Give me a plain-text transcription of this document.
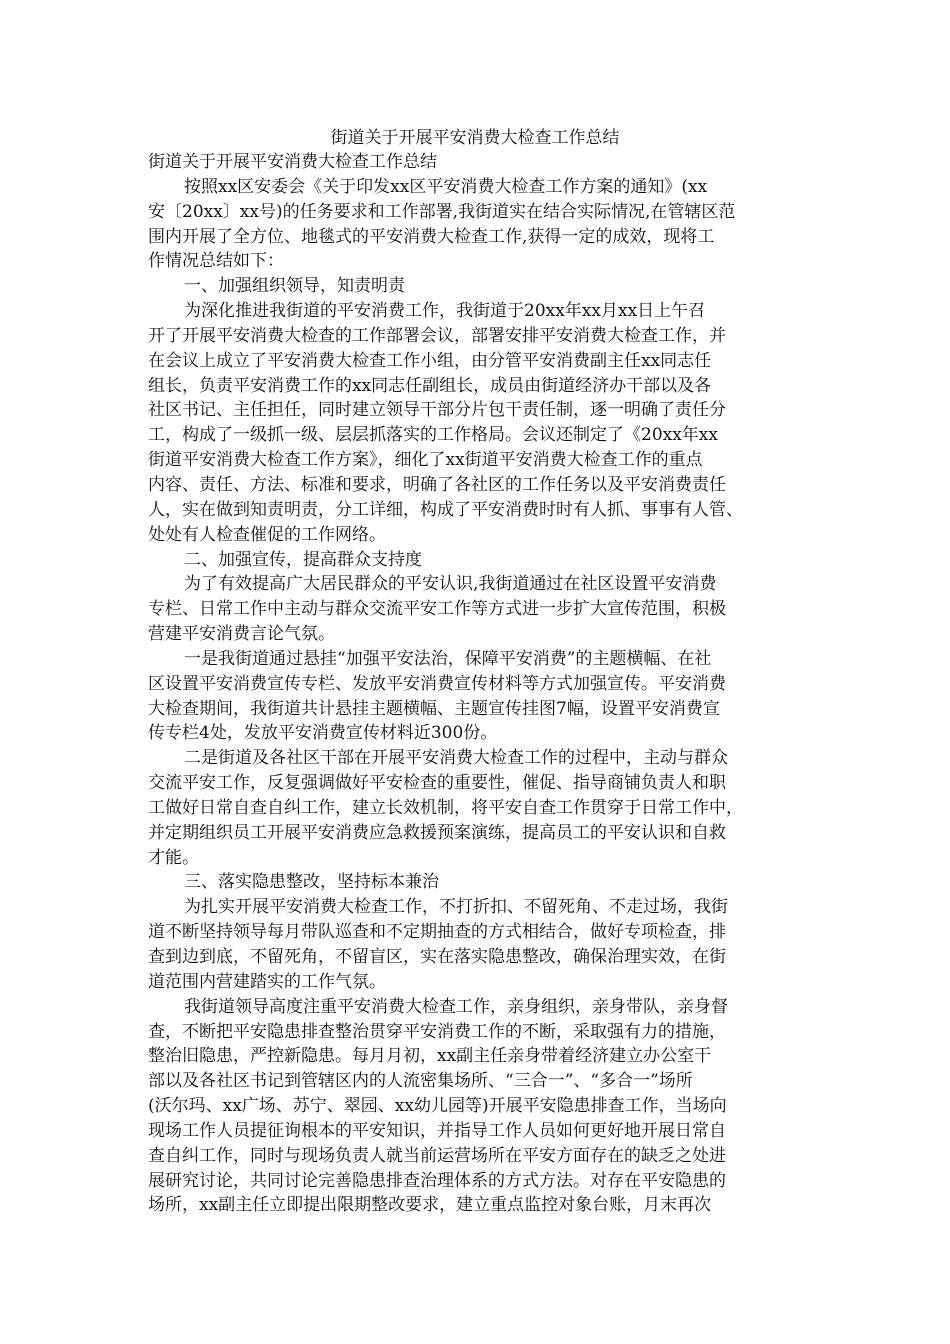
街道关于开展平安消费大检查工作总结

街道关于开展平安消费大检查工作总结

按照xx区安委会《关于印发xx区平安消费大检查工作方案的通知》(xx

安〔20xx〕xx号)的任务要求和工作部署,我街道实在结合实际情况,在管辖区范

围内开展了全方位、地毯式的平安消费大检查工作,获得一定的成效，现将工

作情况总结如下：

一、加强组织领导，知责明责

为深化推进我街道的平安消费工作，我街道于20xx年xx月xx日上午召

开了开展平安消费大检查的工作部署会议，部署安排平安消费大检查工作，并

在会议上成立了平安消费大检查工作小组，由分管平安消费副主任xx同志任

组长，负责平安消费工作的xx同志任副组长，成员由街道经济办干部以及各

社区书记、主任担任，同时建立领导干部分片包干责任制，逐一明确了责任分

工，构成了一级抓一级、层层抓落实的工作格局。会议还制定了《20xx年xx

街道平安消费大检查工作方案》，细化了xx街道平安消费大检查工作的重点

内容、责任、方法、标准和要求，明确了各社区的工作任务以及平安消费责任

人，实在做到知责明责，分工详细，构成了平安消费时时有人抓、事事有人管、

处处有人检查催促的工作网络。

二、加强宣传，提高群众支持度

为了有效提高广大居民群众的平安认识,我街道通过在社区设置平安消费

专栏、日常工作中主动与群众交流平安工作等方式进一步扩大宣传范围，积极

营建平安消费言论气氛。

一是我街道通过悬挂“加强平安法治，保障平安消费”的主题横幅、在社

区设置平安消费宣传专栏、发放平安消费宣传材料等方式加强宣传。平安消费

大检查期间，我街道共计悬挂主题横幅、主题宣传挂图7幅，设置平安消费宣

传专栏4处，发放平安消费宣传材料近300份。

二是街道及各社区干部在开展平安消费大检查工作的过程中，主动与群众

交流平安工作，反复强调做好平安检查的重要性，催促、指导商铺负责人和职

工做好日常自查自纠工作，建立长效机制，将平安自查工作贯穿于日常工作中，

并定期组织员工开展平安消费应急救援预案演练，提高员工的平安认识和自救

才能。

三、落实隐患整改，坚持标本兼治

为扎实开展平安消费大检查工作，不打折扣、不留死角、不走过场，我街

道不断坚持领导每月带队巡查和不定期抽查的方式相结合，做好专项检查，排

查到边到底，不留死角，不留盲区，实在落实隐患整改，确保治理实效，在街

道范围内营建踏实的工作气氛。

我街道领导高度注重平安消费大检查工作，亲身组织，亲身带队，亲身督

查，不断把平安隐患排查整治贯穿平安消费工作的不断，采取强有力的措施，

整治旧隐患，严控新隐患。每月月初，xx副主任亲身带着经济建立办公室干

部以及各社区书记到管辖区内的人流密集场所、“三合一”、“多合一”场所

(沃尔玛、xx广场、苏宁、翠园、xx幼儿园等)开展平安隐患排查工作，当场向

现场工作人员提征询根本的平安知识，并指导工作人员如何更好地开展日常自

查自纠工作，同时与现场负责人就当前运营场所在平安方面存在的缺乏之处进

展研究讨论，共同讨论完善隐患排查治理体系的方式方法。对存在平安隐患的

场所，xx副主任立即提出限期整改要求，建立重点监控对象台账，月末再次
